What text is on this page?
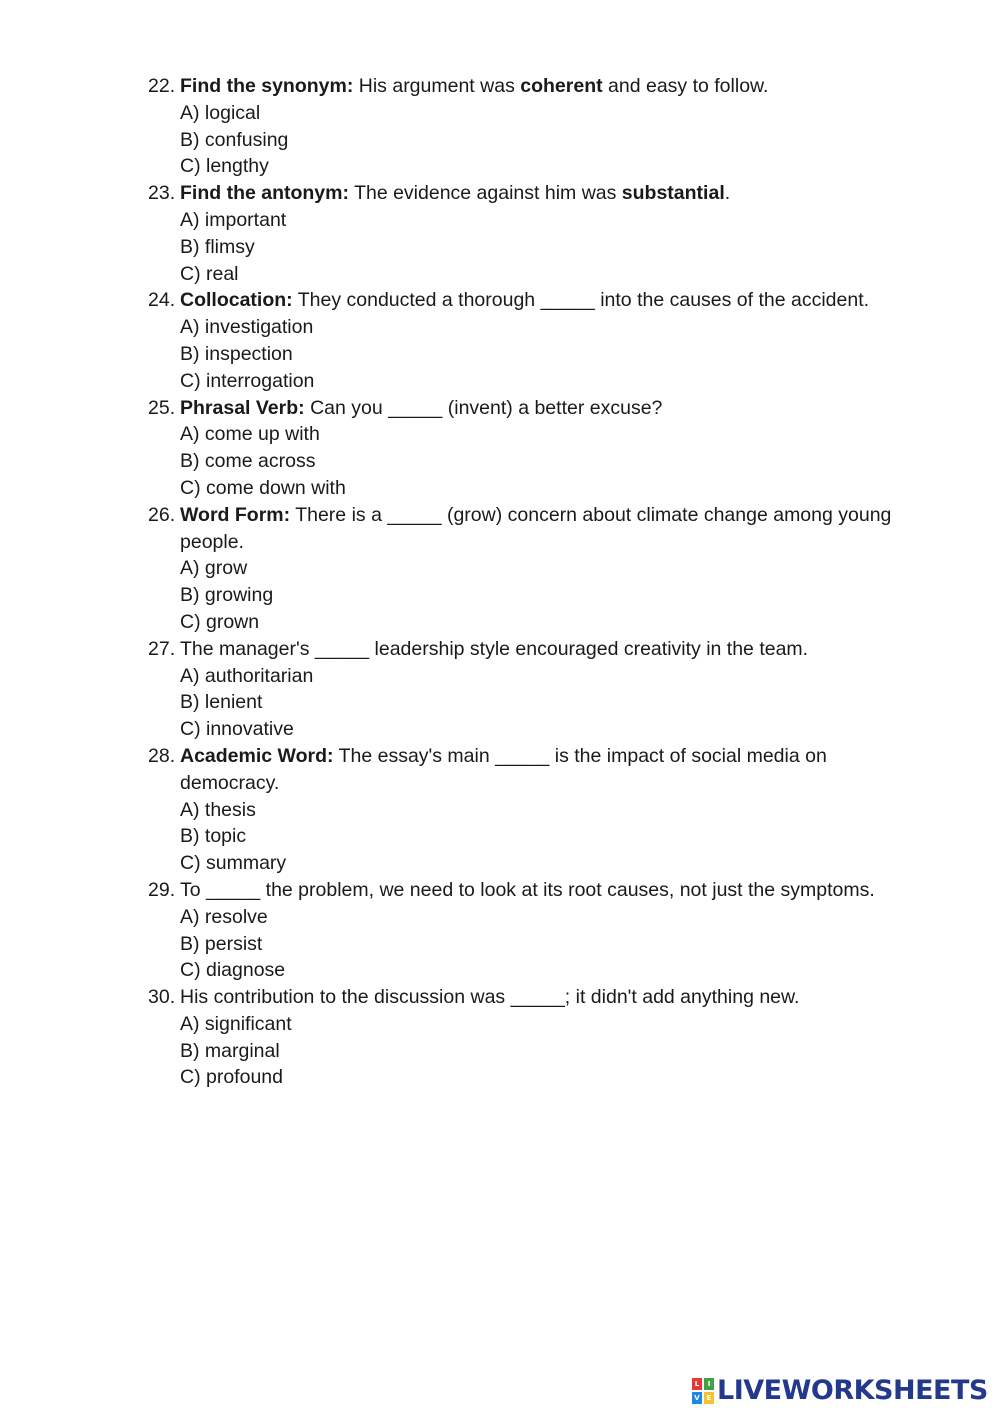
22. Find the synonym: His argument was coherent and easy to follow.
A) logical
B) confusing
C) lengthy
23. Find the antonym: The evidence against him was substantial.
A) important
B) flimsy
C) real
24. Collocation: They conducted a thorough _____ into the causes of the accident.
A) investigation
B) inspection
C) interrogation
25. Phrasal Verb: Can you _____ (invent) a better excuse?
A) come up with
B) come across
C) come down with
26. Word Form: There is a _____ (grow) concern about climate change among young people.
A) grow
B) growing
C) grown
27. The manager's _____ leadership style encouraged creativity in the team.
A) authoritarian
B) lenient
C) innovative
28. Academic Word: The essay's main _____ is the impact of social media on democracy.
A) thesis
B) topic
C) summary
29. To _____ the problem, we need to look at its root causes, not just the symptoms.
A) resolve
B) persist
C) diagnose
30. His contribution to the discussion was _____; it didn't add anything new.
A) significant
B) marginal
C) profound
L	I
V E LIVEWORKSHEETS
